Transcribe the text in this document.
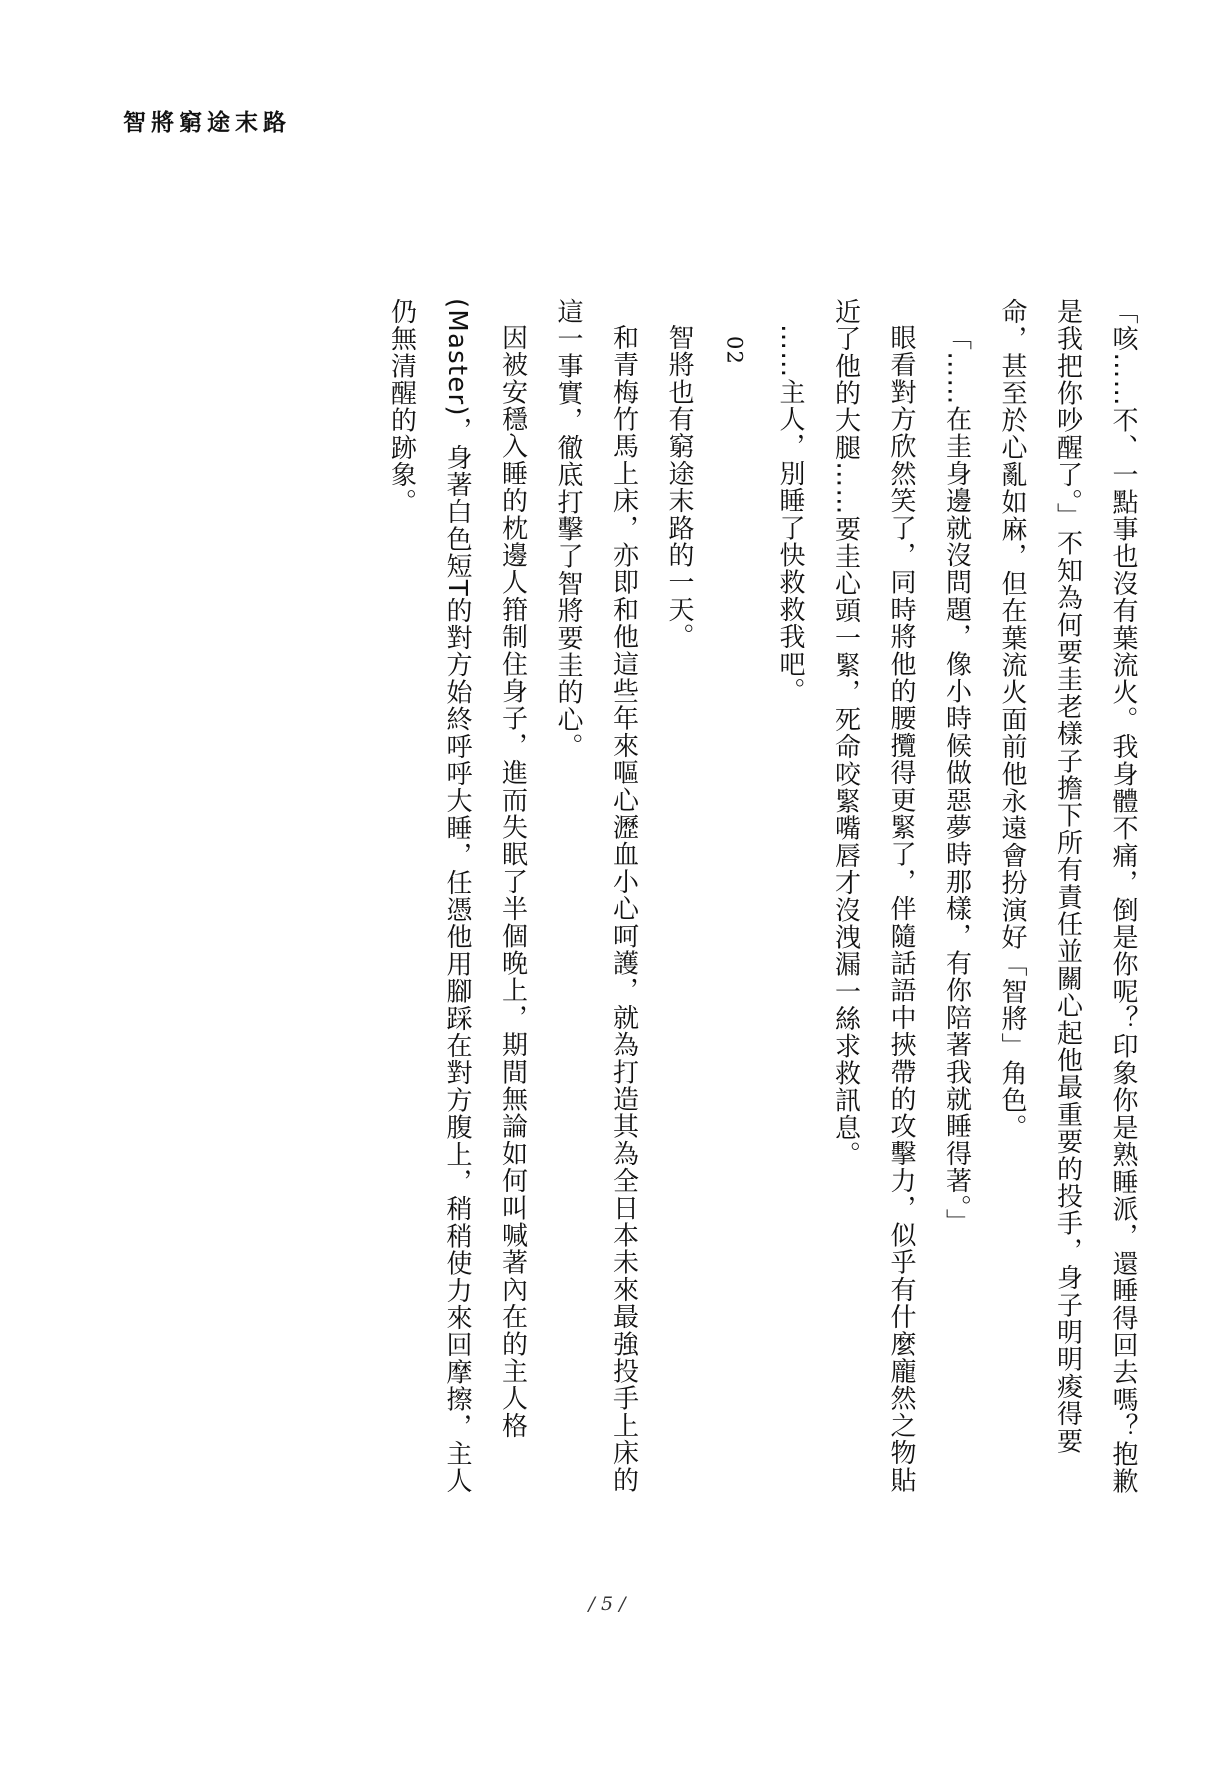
智將窮途末路

「咳……不、一點事也沒有葉流火。我身體不痛，倒是你呢？印象你是熟睡派，還睡得回去嗎？抱歉是我把你吵醒了。」不知為何要圭老樣子擔下所有責任並關心起他最重要的投手，身子明明痠得要命，甚至於心亂如麻，但在葉流火面前他永遠會扮演好「智將」角色。

「……在圭身邊就沒問題，像小時候做惡夢時那樣，有你陪著我就睡得著。」

眼看對方欣然笑了，同時將他的腰攬得更緊了，伴隨話語中挾帶的攻擊力，似乎有什麼龐然之物貼近了他的大腿……要圭心頭一緊，死命咬緊嘴唇才沒洩漏一絲求救訊息。

……主人，別睡了快救救我吧。

02

智將也有窮途末路的一天。

和青梅竹馬上床，亦即和他這些年來嘔心瀝血小心呵護，就為打造其為全日本未來最強投手上床的這一事實，徹底打擊了智將要圭的心。

因被安穩入睡的枕邊人箝制住身子，進而失眠了半個晚上，期間無論如何叫喊著內在的主人格(Master)，身著白色短T的對方始終呼呼大睡，任憑他用腳踩在對方腹上，稍稍使力來回摩擦，主人仍無清醒的跡象。

/ 5 /
